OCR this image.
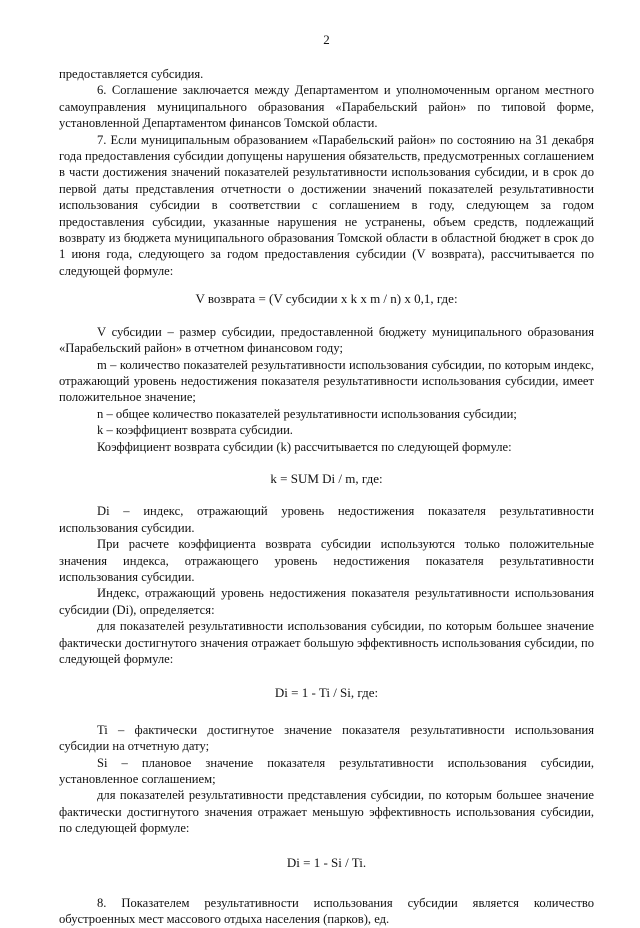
2

предоставляется субсидия.

6. Соглашение заключается между Департаментом и уполномоченным органом местного самоуправления муниципального образования «Парабельский район» по типовой форме, установленной Департаментом финансов Томской области.

7. Если муниципальным образованием «Парабельский район» по состоянию на 31 декабря года предоставления субсидии допущены нарушения обязательств, предусмотренных соглашением в части достижения значений показателей результативности использования субсидии, и в срок до первой даты представления отчетности о достижении значений показателей результативности использования субсидии в соответствии с соглашением в году, следующем за годом предоставления субсидии, указанные нарушения не устранены, объем средств, подлежащий возврату из бюджета муниципального образования Томской области в областной бюджет в срок до 1 июня года, следующего за годом предоставления субсидии (V возврата), рассчитывается по следующей формуле:

V возврата = (V субсидии x k x m / n) x 0,1, где:

V субсидии – размер субсидии, предоставленной бюджету муниципального образования «Парабельский район» в отчетном финансовом году;

m – количество показателей результативности использования субсидии, по которым индекс, отражающий уровень недостижения показателя результативности использования субсидии, имеет положительное значение;

n – общее количество показателей результативности использования субсидии;

k – коэффициент возврата субсидии.

Коэффициент возврата субсидии (k) рассчитывается по следующей формуле:

k = SUM Di / m, где:

Di – индекс, отражающий уровень недостижения показателя результативности использования субсидии.

При расчете коэффициента возврата субсидии используются только положительные значения индекса, отражающего уровень недостижения показателя результативности использования субсидии.

Индекс, отражающий уровень недостижения показателя результативности использования субсидии (Di), определяется:

для показателей результативности использования субсидии, по которым большее значение фактически достигнутого значения отражает большую эффективность использования субсидии, по следующей формуле:

Di = 1 - Ti / Si, где:

Ti – фактически достигнутое значение показателя результативности использования субсидии на отчетную дату;

Si – плановое значение показателя результативности использования субсидии, установленное соглашением;

для показателей результативности представления субсидии, по которым большее значение фактически достигнутого значения отражает меньшую эффективность использования субсидии, по следующей формуле:

Di = 1 - Si / Ti.

8. Показателем результативности использования субсидии является количество обустроенных мест массового отдыха населения (парков), ед.
